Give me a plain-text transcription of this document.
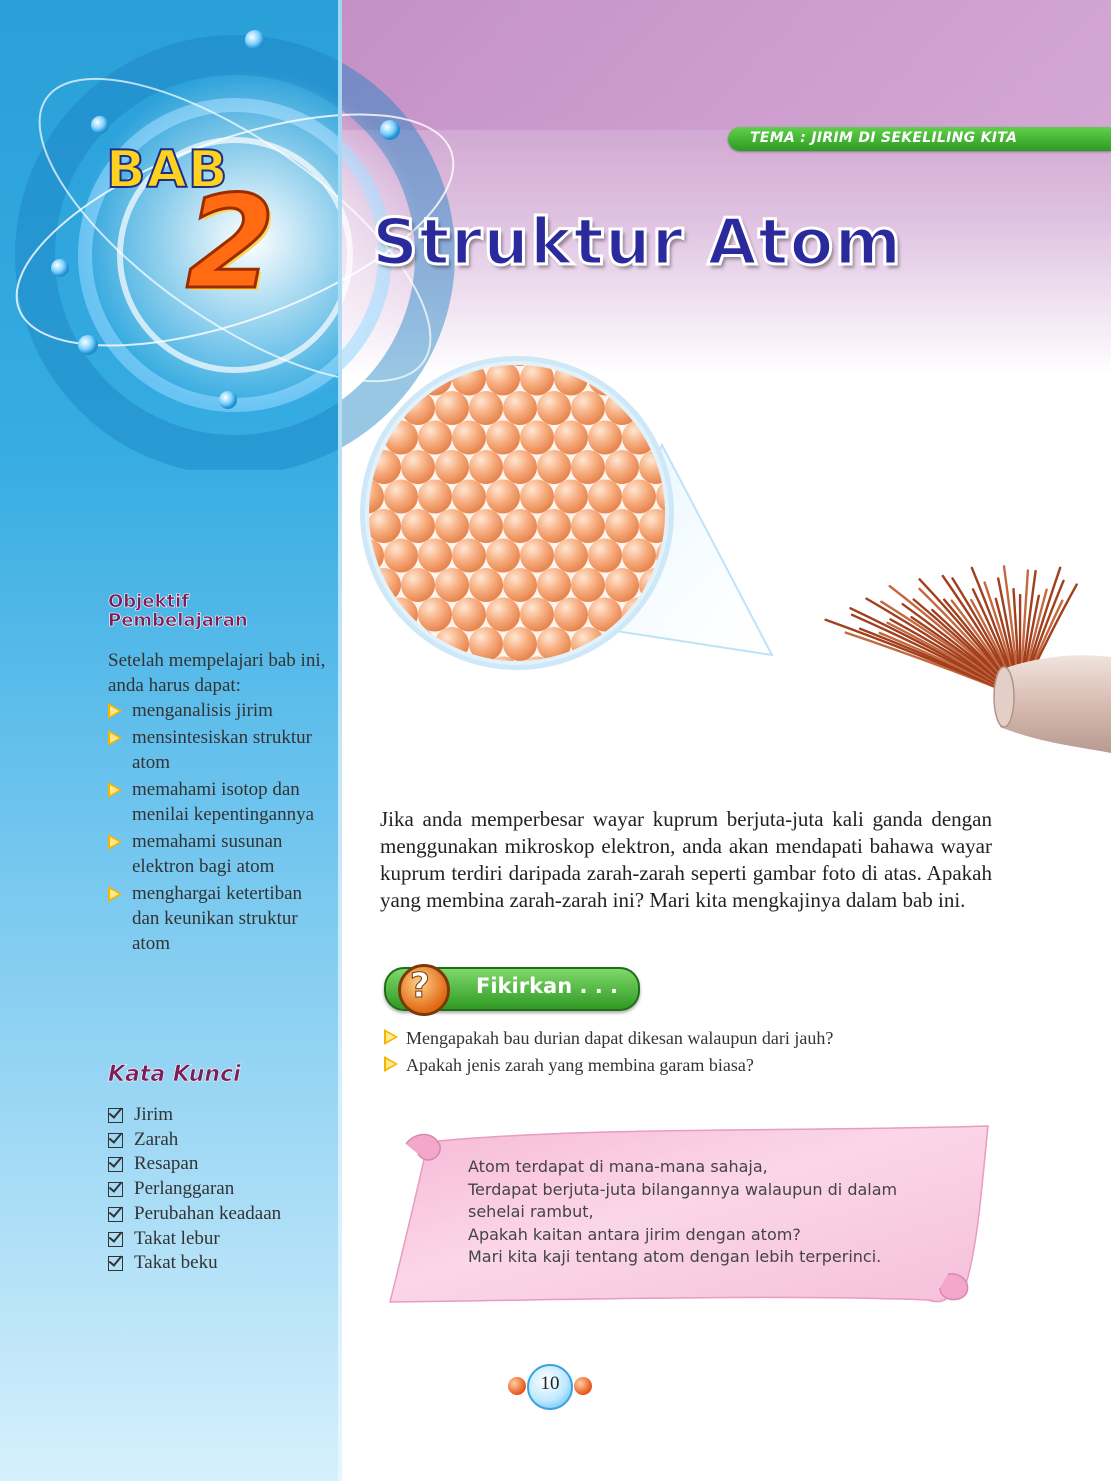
TEMA : JIRIM DI SEKELILING KITA
BAB
2 Struktur Atom
Objektif
Pembelajaran
Setelah mempelajari bab ini, anda harus dapat:
menganalisis jirim
mensintesiskan struktur atom
memahami isotop dan menilai kepentingannya
memahami susunan elektron bagi atom
menghargai ketertiban dan keunikan struktur atom
Kata Kunci
Jirim
Zarah
Resapan
Perlanggaran
Perubahan keadaan
Takat lebur
Takat beku

Jika anda memperbesar wayar kuprum berjuta-juta kali ganda dengan menggunakan mikroskop elektron, anda akan mendapati bahawa wayar kuprum terdiri daripada zarah-zarah seperti gambar foto di atas. Apakah yang membina zarah-zarah ini? Mari kita mengkajinya dalam bab ini.

? Fikirkan . . .
Mengapakah bau durian dapat dikesan walaupun dari jauh?
Apakah jenis zarah yang membina garam biasa?
Atom terdapat di mana-mana sahaja,
Terdapat berjuta-juta bilangannya walaupun di dalam
sehelai rambut,
Apakah kaitan antara jirim dengan atom?
Mari kita kaji tentang atom dengan lebih terperinci.
10
